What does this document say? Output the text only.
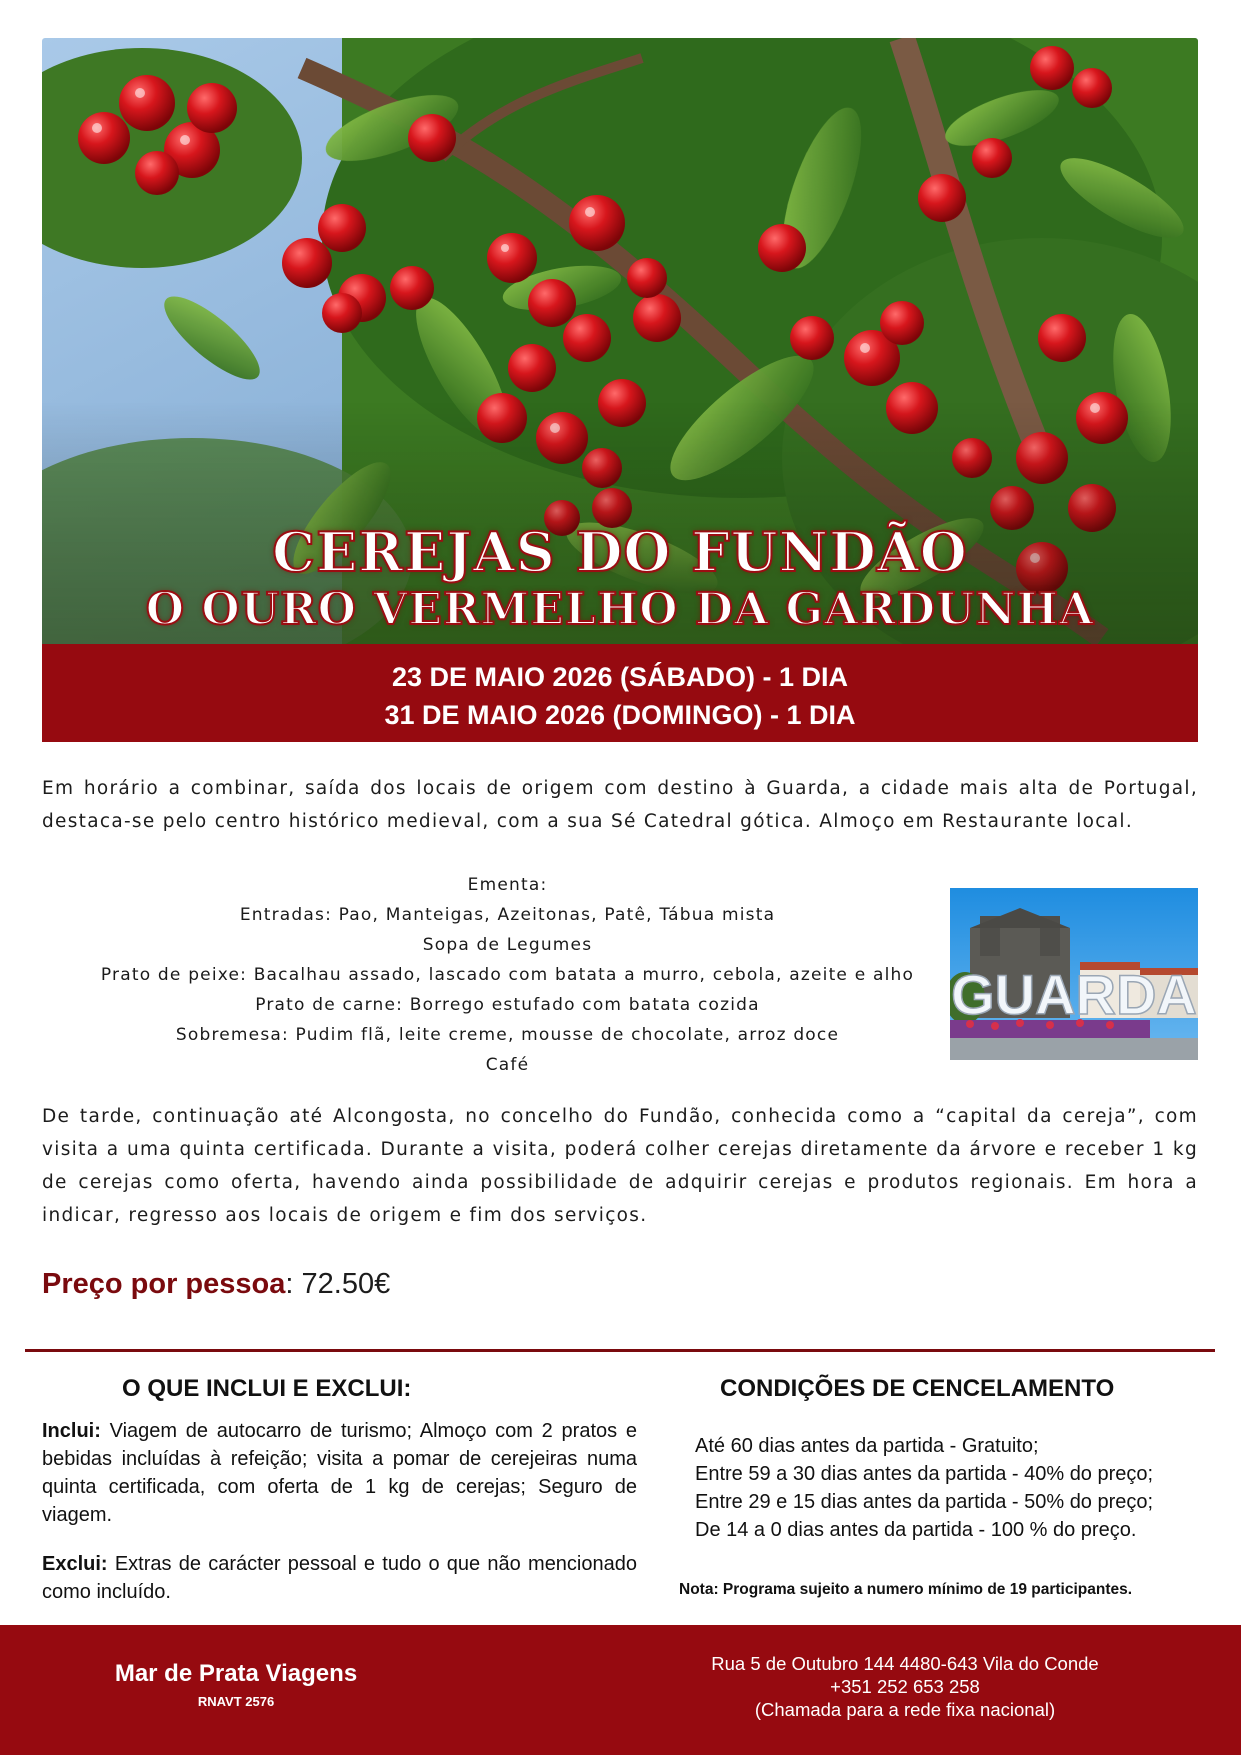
CEREJAS DO FUNDÃO
O OURO VERMELHO DA GARDUNHA
23 DE MAIO 2026 (SÁBADO) - 1 DIA
31 DE MAIO 2026 (DOMINGO) - 1 DIA
Em horário a combinar, saída dos locais de origem com destino à Guarda, a cidade mais alta de Portugal, destaca-se pelo centro histórico medieval, com a sua Sé Catedral gótica. Almoço em Restaurante local.
Ementa:
Entradas: Pao, Manteigas, Azeitonas, Patê, Tábua mista
Sopa de Legumes
Prato de peixe: Bacalhau assado, lascado com batata a murro, cebola, azeite e alho
Prato de carne: Borrego estufado com batata cozida
Sobremesa: Pudim flã, leite creme, mousse de chocolate, arroz doce
Café
GUARDA
De tarde, continuação até Alcongosta, no concelho do Fundão, conhecida como a “capital da cereja”, com visita a uma quinta certificada. Durante a visita, poderá colher cerejas diretamente da árvore e receber 1 kg de cerejas como oferta, havendo ainda possibilidade de adquirir cerejas e produtos regionais. Em hora a indicar, regresso aos locais de origem e fim dos serviços.
Preço por pessoa: 72.50€
O QUE INCLUI E EXCLUI:
Inclui: Viagem de autocarro de turismo; Almoço com 2 pratos e bebidas incluídas à refeição; visita a pomar de cerejeiras numa quinta certificada, com oferta de 1 kg de cerejas; Seguro de viagem.
Exclui: Extras de carácter pessoal e tudo o que não mencionado como incluído.
CONDIÇÕES DE CENCELAMENTO
Até 60 dias antes da partida - Gratuito;
Entre 59 a 30 dias antes da partida - 40% do preço;
Entre 29 e 15 dias antes da partida - 50% do preço;
De 14 a 0 dias antes da partida - 100 % do preço.
Nota: Programa sujeito a numero mínimo de 19 participantes.
Mar de Prata Viagens
RNAVT 2576
Rua 5 de Outubro 144 4480-643 Vila do Conde
+351 252 653 258
(Chamada para a rede fixa nacional)
